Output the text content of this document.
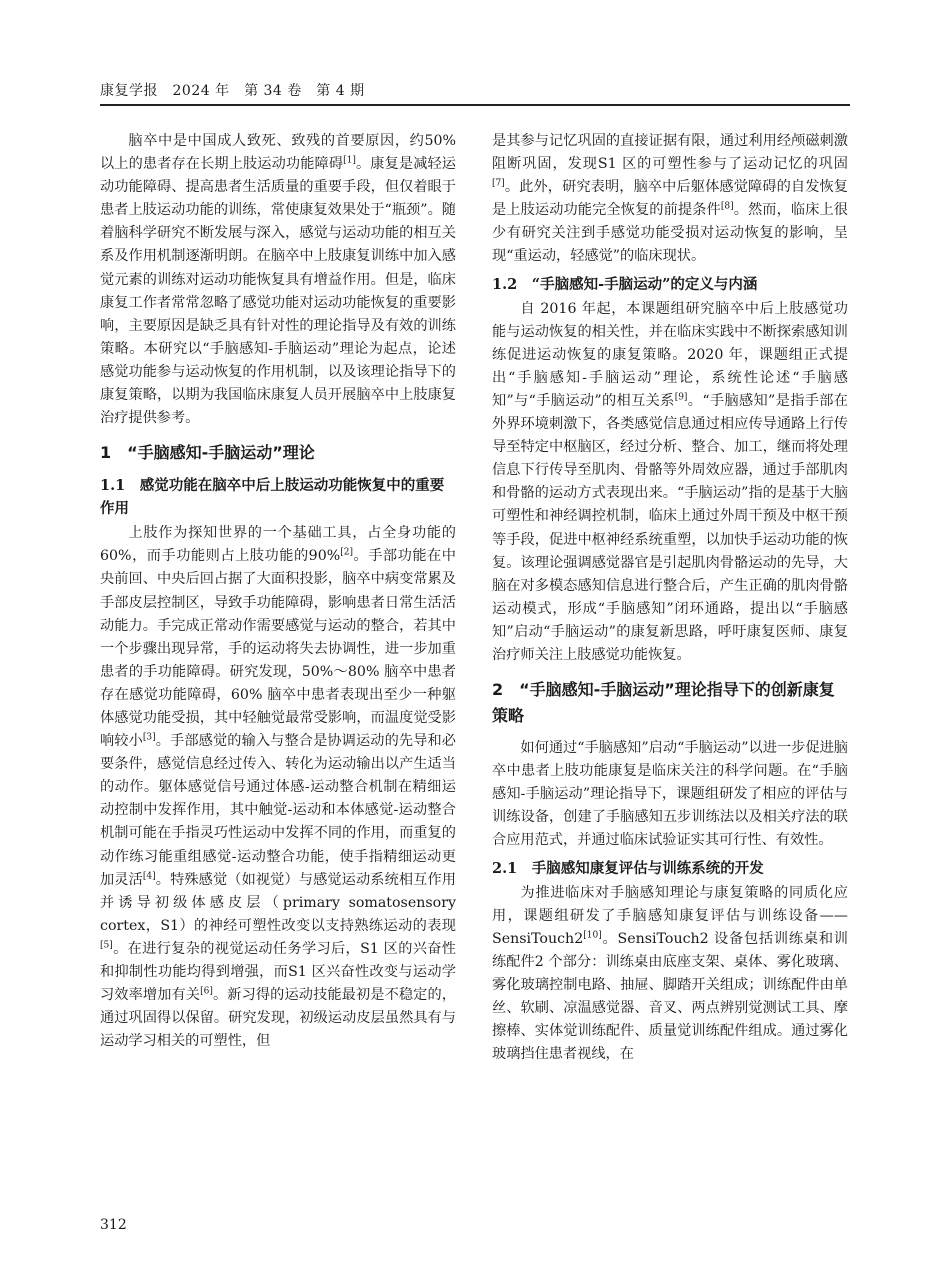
康复学报　2024 年　第 34 卷　第 4 期

脑卒中是中国成人致死、致残的首要原因，约50% 以上的患者存在长期上肢运动功能障碍[1]。康复是减轻运动功能障碍、提高患者生活质量的重要手段，但仅着眼于患者上肢运动功能的训练，常使康复效果处于“瓶颈”。随着脑科学研究不断发展与深入，感觉与运动功能的相互关系及作用机制逐渐明朗。在脑卒中上肢康复训练中加入感觉元素的训练对运动功能恢复具有增益作用。但是，临床康复工作者常常忽略了感觉功能对运动功能恢复的重要影响，主要原因是缺乏具有针对性的理论指导及有效的训练策略。本研究以“手脑感知-手脑运动”理论为起点，论述感觉功能参与运动恢复的作用机制，以及该理论指导下的康复策略，以期为我国临床康复人员开展脑卒中上肢康复治疗提供参考。

1　“手脑感知-手脑运动”理论
1.1　感觉功能在脑卒中后上肢运动功能恢复中的重要作用

上肢作为探知世界的一个基础工具，占全身功能的60%，而手功能则占上肢功能的90%[2]。手部功能在中央前回、中央后回占据了大面积投影，脑卒中病变常累及手部皮层控制区，导致手功能障碍，影响患者日常生活活动能力。手完成正常动作需要感觉与运动的整合，若其中一个步骤出现异常，手的运动将失去协调性，进一步加重患者的手功能障碍。研究发现，50%～80% 脑卒中患者存在感觉功能障碍，60% 脑卒中患者表现出至少一种躯体感觉功能受损，其中轻触觉最常受影响，而温度觉受影响较小[3]。手部感觉的输入与整合是协调运动的先导和必要条件，感觉信息经过传入、转化为运动输出以产生适当的动作。躯体感觉信号通过体感-运动整合机制在精细运动控制中发挥作用，其中触觉-运动和本体感觉-运动整合机制可能在手指灵巧性运动中发挥不同的作用，而重复的动作练习能重组感觉-运动整合功能，使手指精细运动更加灵活[4]。特殊感觉（如视觉）与感觉运动系统相互作用并诱导初级体感皮层（primary somatosensory cortex，S1）的神经可塑性改变以支持熟练运动的表现[5]。在进行复杂的视觉运动任务学习后，S1 区的兴奋性和抑制性功能均得到增强，而S1 区兴奋性改变与运动学习效率增加有关[6]。新习得的运动技能最初是不稳定的，通过巩固得以保留。研究发现，初级运动皮层虽然具有与运动学习相关的可塑性，但

是其参与记忆巩固的直接证据有限，通过利用经颅磁刺激阻断巩固，发现S1 区的可塑性参与了运动记忆的巩固[7]。此外，研究表明，脑卒中后躯体感觉障碍的自发恢复是上肢运动功能完全恢复的前提条件[8]。然而，临床上很少有研究关注到手感觉功能受损对运动恢复的影响，呈现“重运动，轻感觉”的临床现状。

1.2　“手脑感知-手脑运动”的定义与内涵

自 2016 年起，本课题组研究脑卒中后上肢感觉功能与运动恢复的相关性，并在临床实践中不断探索感知训练促进运动恢复的康复策略。2020 年，课题组正式提出“手脑感知-手脑运动”理论，系统性论述“手脑感知”与“手脑运动”的相互关系[9]。“手脑感知”是指手部在外界环境刺激下，各类感觉信息通过相应传导通路上行传导至特定中枢脑区，经过分析、整合、加工，继而将处理信息下行传导至肌肉、骨骼等外周效应器，通过手部肌肉和骨骼的运动方式表现出来。“手脑运动”指的是基于大脑可塑性和神经调控机制，临床上通过外周干预及中枢干预等手段，促进中枢神经系统重塑，以加快手运动功能的恢复。该理论强调感觉器官是引起肌肉骨骼运动的先导，大脑在对多模态感知信息进行整合后，产生正确的肌肉骨骼运动模式，形成“手脑感知”闭环通路，提出以“手脑感知”启动“手脑运动”的康复新思路，呼吁康复医师、康复治疗师关注上肢感觉功能恢复。

2　“手脑感知-手脑运动”理论指导下的创新康复策略

如何通过“手脑感知”启动“手脑运动”以进一步促进脑卒中患者上肢功能康复是临床关注的科学问题。在“手脑感知-手脑运动”理论指导下，课题组研发了相应的评估与训练设备，创建了手脑感知五步训练法以及相关疗法的联合应用范式，并通过临床试验证实其可行性、有效性。

2.1　手脑感知康复评估与训练系统的开发

为推进临床对手脑感知理论与康复策略的同质化应用，课题组研发了手脑感知康复评估与训练设备——SensiTouch2[10]。SensiTouch2 设备包括训练桌和训练配件2 个部分：训练桌由底座支架、桌体、雾化玻璃、雾化玻璃控制电路、抽屉、脚踏开关组成；训练配件由单丝、软刷、凉温感觉器、音叉、两点辨别觉测试工具、摩擦棒、实体觉训练配件、质量觉训练配件组成。通过雾化玻璃挡住患者视线，在

312
